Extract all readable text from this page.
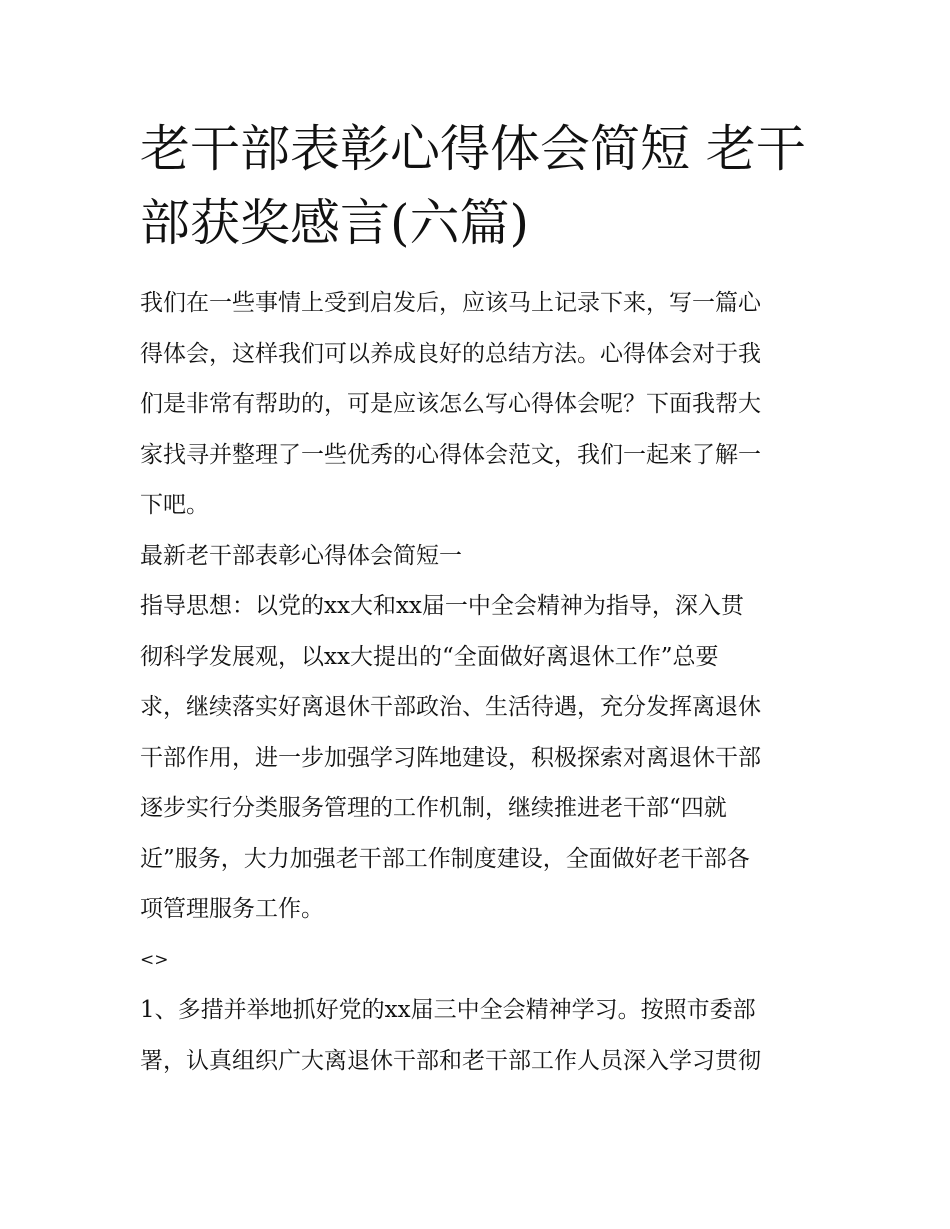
老干部表彰心得体会简短 老干
部获奖感言(六篇)

我们在一些事情上受到启发后，应该马上记录下来，写一篇心
得体会，这样我们可以养成良好的总结方法。心得体会对于我
们是非常有帮助的，可是应该怎么写心得体会呢？下面我帮大
家找寻并整理了一些优秀的心得体会范文，我们一起来了解一
下吧。

最新老干部表彰心得体会简短一

指导思想：以党的xx大和xx届一中全会精神为指导，深入贯
彻科学发展观，以xx大提出的“全面做好离退休工作”总要
求，继续落实好离退休干部政治、生活待遇，充分发挥离退休
干部作用，进一步加强学习阵地建设，积极探索对离退休干部
逐步实行分类服务管理的工作机制，继续推进老干部“四就
近”服务，大力加强老干部工作制度建设，全面做好老干部各
项管理服务工作。

<>

1、多措并举地抓好党的xx届三中全会精神学习。按照市委部
署，认真组织广大离退休干部和老干部工作人员深入学习贯彻
